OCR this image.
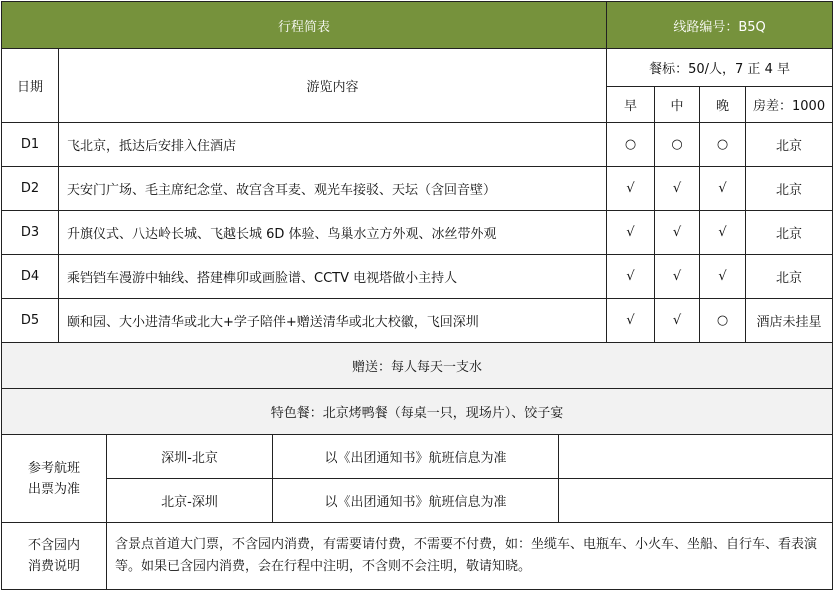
行程简表					线路编号：B5Q			
日期	游览内容				餐标：50/人，7 正 4 早			
					早	中	晚	房差：1000
D1	飞北京，抵达后安排入住酒店				○	○	○	北京
D2	天安门广场、毛主席纪念堂、故宫含耳麦、观光车接驳、天坛（含回音壁）				√	√	√	北京
D3	升旗仪式、八达岭长城、飞越长城 6D 体验、鸟巢水立方外观、冰丝带外观				√	√	√	北京
D4	乘铛铛车漫游中轴线、搭建榫卯或画脸谱、CCTV 电视塔做小主持人				√	√	√	北京
D5	颐和园、大小进清华或北大+学子陪伴+赠送清华或北大校徽，飞回深圳				√	√	○	酒店未挂星
赠送：每人每天一支水								
特色餐：北京烤鸭餐（每桌一只，现场片）、饺子宴								

参考航班
出票为准		深圳-北京	以《出团通知书》航班信息为准					
		北京-深圳	以《出团通知书》航班信息为准					

不含园内
消费说明		含景点首道大门票，不含园内消费，有需要请付费，不需要不付费，如：坐缆车、电瓶车、小火车、坐船、自行车、看表演等。如果已含园内消费，会在行程中注明，不含则不会注明，敬请知晓。						
